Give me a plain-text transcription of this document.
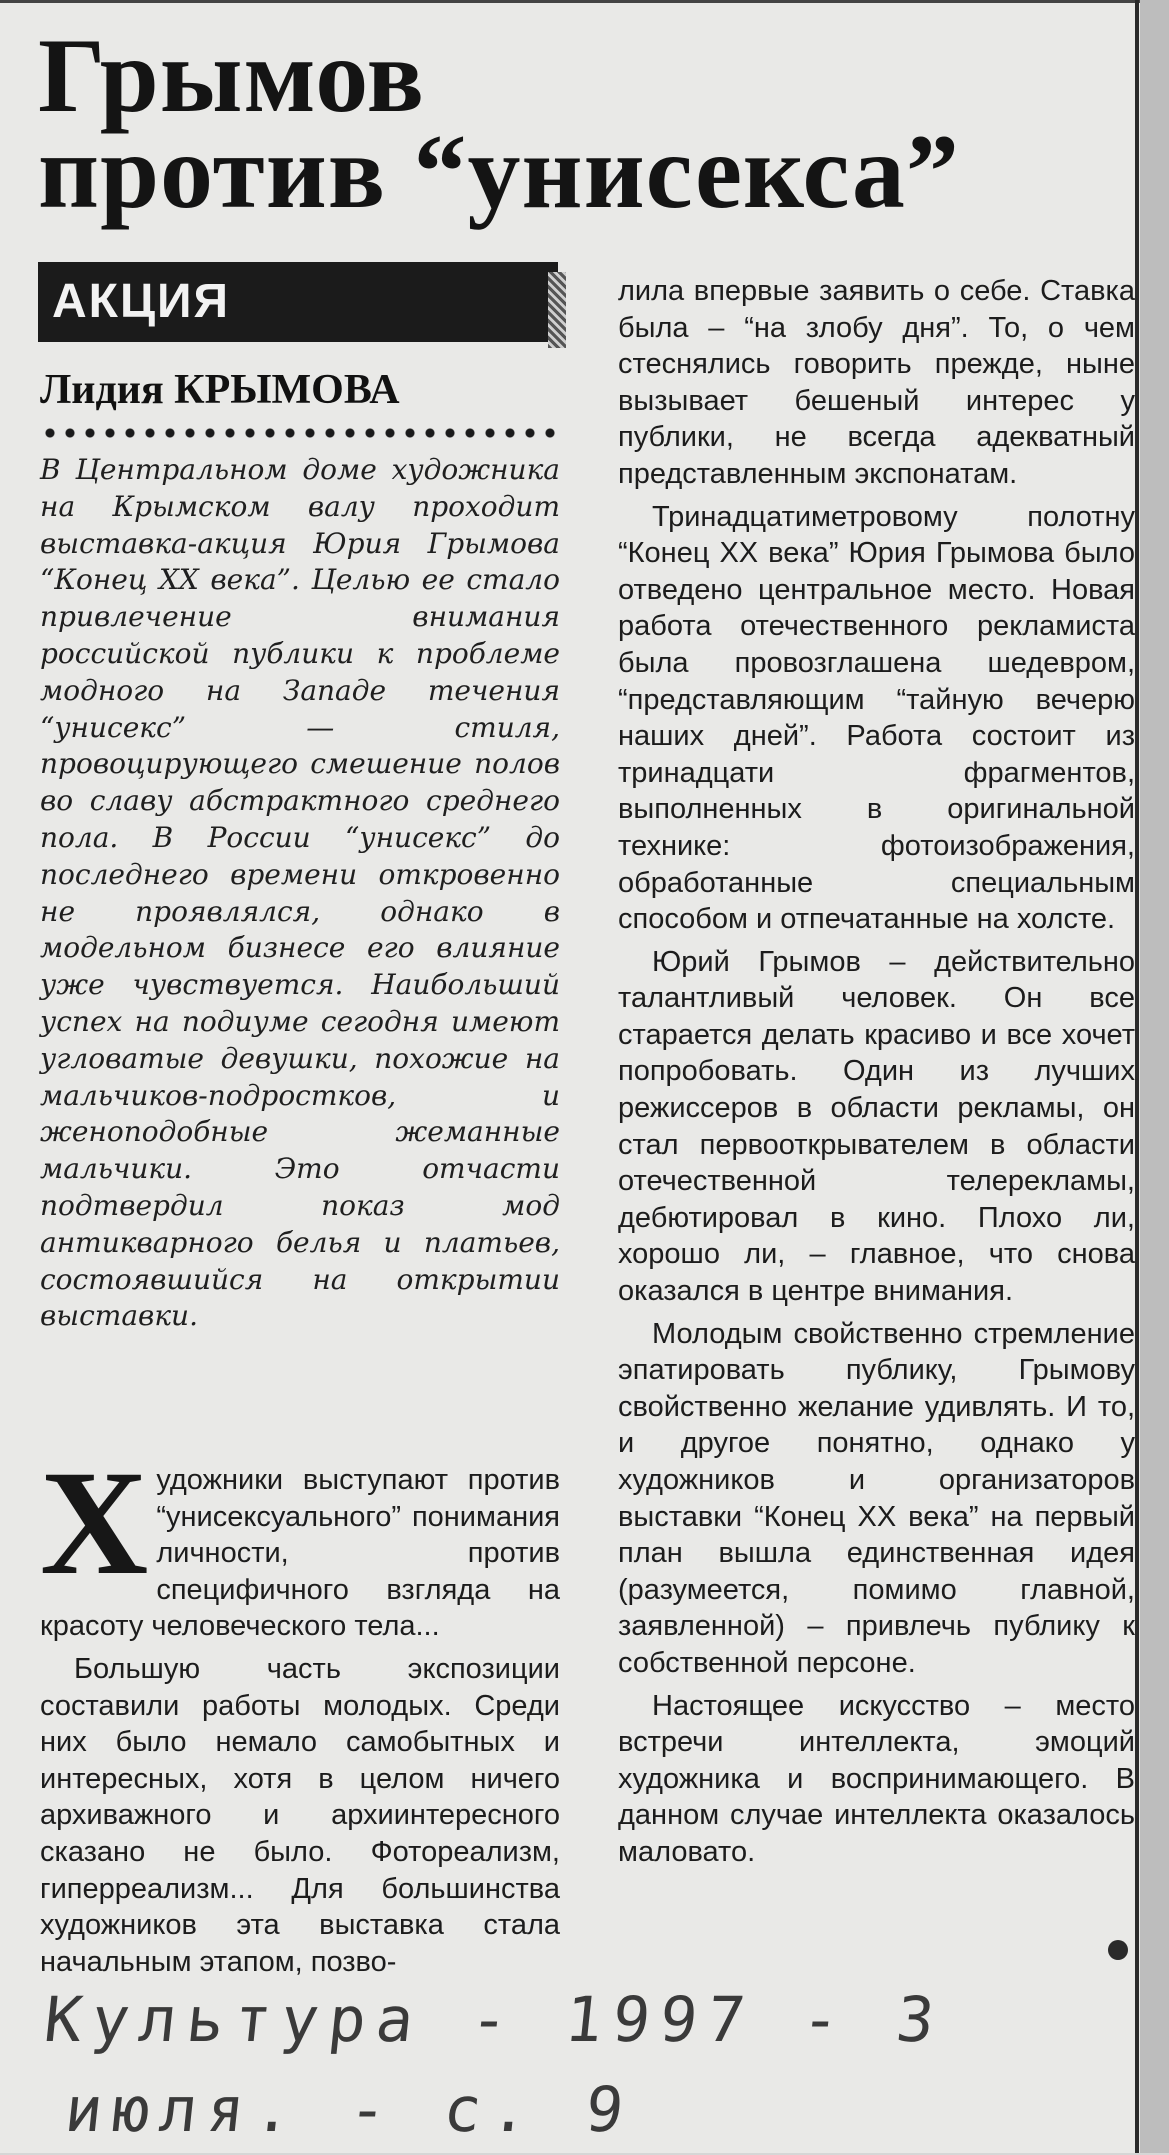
Грымов
против “унисекса”
АКЦИЯ
Лидия КРЫМОВА

В Центральном доме художника на Крымском валу проходит выставка-акция Юрия Грымова “Конец XX века”. Целью ее стало привлечение внимания российской публики к проблеме модного на Западе течения “унисекс” — стиля, провоцирующего смешение полов во славу абстрактного среднего пола. В России “унисекс” до последнего времени откровенно не проявлялся, однако в модельном бизнесе его влияние уже чувствуется. Наибольший успех на подиуме сегодня имеют угловатые девушки, похожие на мальчиков-подростков, и женоподобные жеманные мальчики. Это отчасти подтвердил показ мод антикварного белья и платьев, состоявшийся на открытии выставки.

Художники выступают против “унисексуального” понимания личности, против специфичного взгляда на красоту человеческого тела...

Большую часть экспозиции составили работы молодых. Среди них было немало самобытных и интересных, хотя в целом ничего архиважного и архиинтересного сказано не было. Фотореализм, гиперреализм... Для большинства художников эта выставка стала начальным этапом, позво-

лила впервые заявить о себе. Ставка была – “на злобу дня”. То, о чем стеснялись говорить прежде, ныне вызывает бешеный интерес у публики, не всегда адекватный представленным экспонатам.

Тринадцатиметровому полотну “Конец XX века” Юрия Грымова было отведено центральное место. Новая работа отечественного рекламиста была провозглашена шедевром, “представляющим “тайную вечерю наших дней”. Работа состоит из тринадцати фрагментов, выполненных в оригинальной технике: фотоизображения, обработанные специальным способом и отпечатанные на холсте.

Юрий Грымов – действительно талантливый человек. Он все старается делать красиво и все хочет попробовать. Один из лучших режиссеров в области рекламы, он стал первооткрывателем в области отечественной телерекламы, дебютировал в кино. Плохо ли, хорошо ли, – главное, что снова оказался в центре внимания.

Молодым свойственно стремление эпатировать публику, Грымову свойственно желание удивлять. И то, и другое понятно, однако у художников и организаторов выставки “Конец XX века” на первый план вышла единственная идея (разумеется, помимо главной, заявленной) – привлечь публику к собственной персоне.

Настоящее искусство – место встречи интеллекта, эмоций художника и воспринимающего. В данном случае интеллекта оказалось маловато.

Культура - 1997 - 3
июля. - с. 9
